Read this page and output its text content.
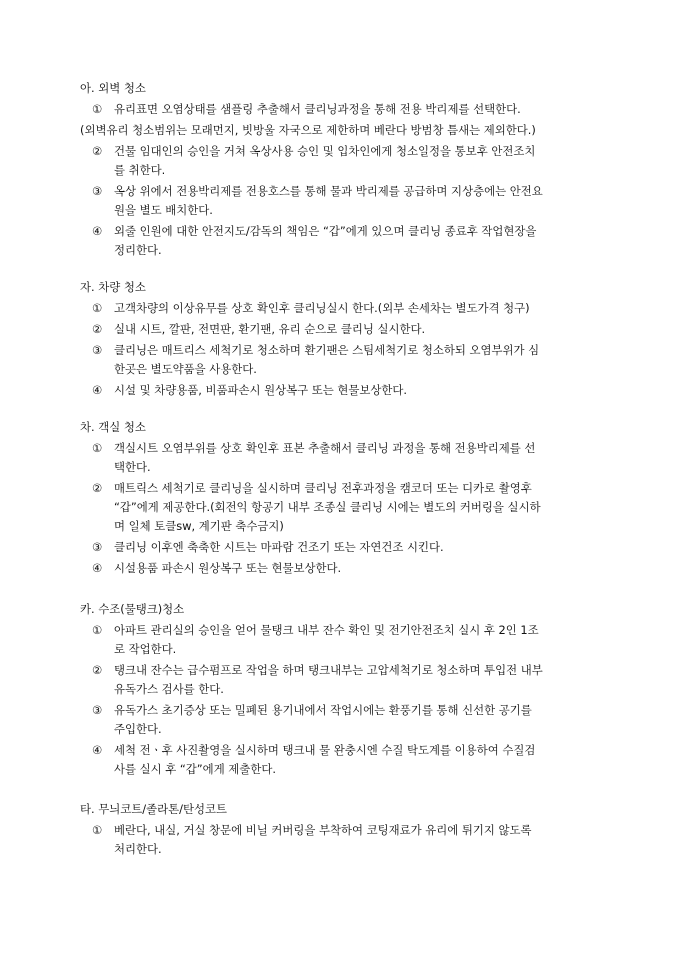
아. 외벽 청소
① 유리표면 오염상태를 샘플링 추출해서 클리닝과정을 통해 전용 박리제를 선택한다.
(외벽유리 청소범위는 모래먼지, 빗방울 자국으로 제한하며 베란다 방범창 틈새는 제외한다.)
② 건물 임대인의 승인을 거쳐 옥상사용 승인 및 입차인에게 청소일정을 통보후 안전조치
를 취한다.
③ 옥상 위에서 전용박리제를 전용호스를 통해 물과 박리제를 공급하며 지상층에는 안전요
원을 별도 배치한다.
④ 외줄 인원에 대한 안전지도/감독의 책임은 “갑”에게 있으며 클리닝 종료후 작업현장을
정리한다.
자. 차량 청소
① 고객차량의 이상유무를 상호 확인후 클리닝실시 한다.(외부 손세차는 별도가격 청구)
② 실내 시트, 깔판, 전면판, 환기팬, 유리 순으로 클리닝 실시한다.
③ 클리닝은 매트리스 세척기로 청소하며 환기팬은 스팀세척기로 청소하되 오염부위가 심
한곳은 별도약품을 사용한다.
④ 시설 및 차량용품, 비품파손시 원상복구 또는 현물보상한다.
차. 객실 청소
① 객실시트 오염부위를 상호 확인후 표본 추출해서 클리닝 과정을 통해 전용박리제를 선
택한다.
② 매트릭스 세척기로 클리닝을 실시하며 클리닝 전후과정을 캠코더 또는 디카로 촬영후
“갑”에게 제공한다.(회전익 항공기 내부 조종실 클리닝 시에는 별도의 커버링을 실시하
며 일체 토클sw, 계기판 축수금지)
③ 클리닝 이후엔 축축한 시트는 마파람 건조기 또는 자연건조 시킨다.
④ 시설용품 파손시 원상복구 또는 현물보상한다.
카. 수조(물탱크)청소
① 아파트 관리실의 승인을 얻어 물탱크 내부 잔수 확인 및 전기안전조치 실시 후 2인 1조
로 작업한다.
② 탱크내 잔수는 급수펌프로 작업을 하며 탱크내부는 고압세척기로 청소하며 투입전 내부
유독가스 검사를 한다.
③ 유독가스 초기증상 또는 밀폐된 용기내에서 작업시에는 환풍기를 통해 신선한 공기를
주입한다.
④ 세척 전ㆍ후 사진촬영을 실시하며 탱크내 물 완충시엔 수질 탁도계를 이용하여 수질검
사를 실시 후 “갑”에게 제출한다.
타. 무늬코트/졸라톤/탄성코트
① 베란다, 내실, 거실 창문에 비닐 커버링을 부착하여 코팅재료가 유리에 튀기지 않도록
처리한다.
